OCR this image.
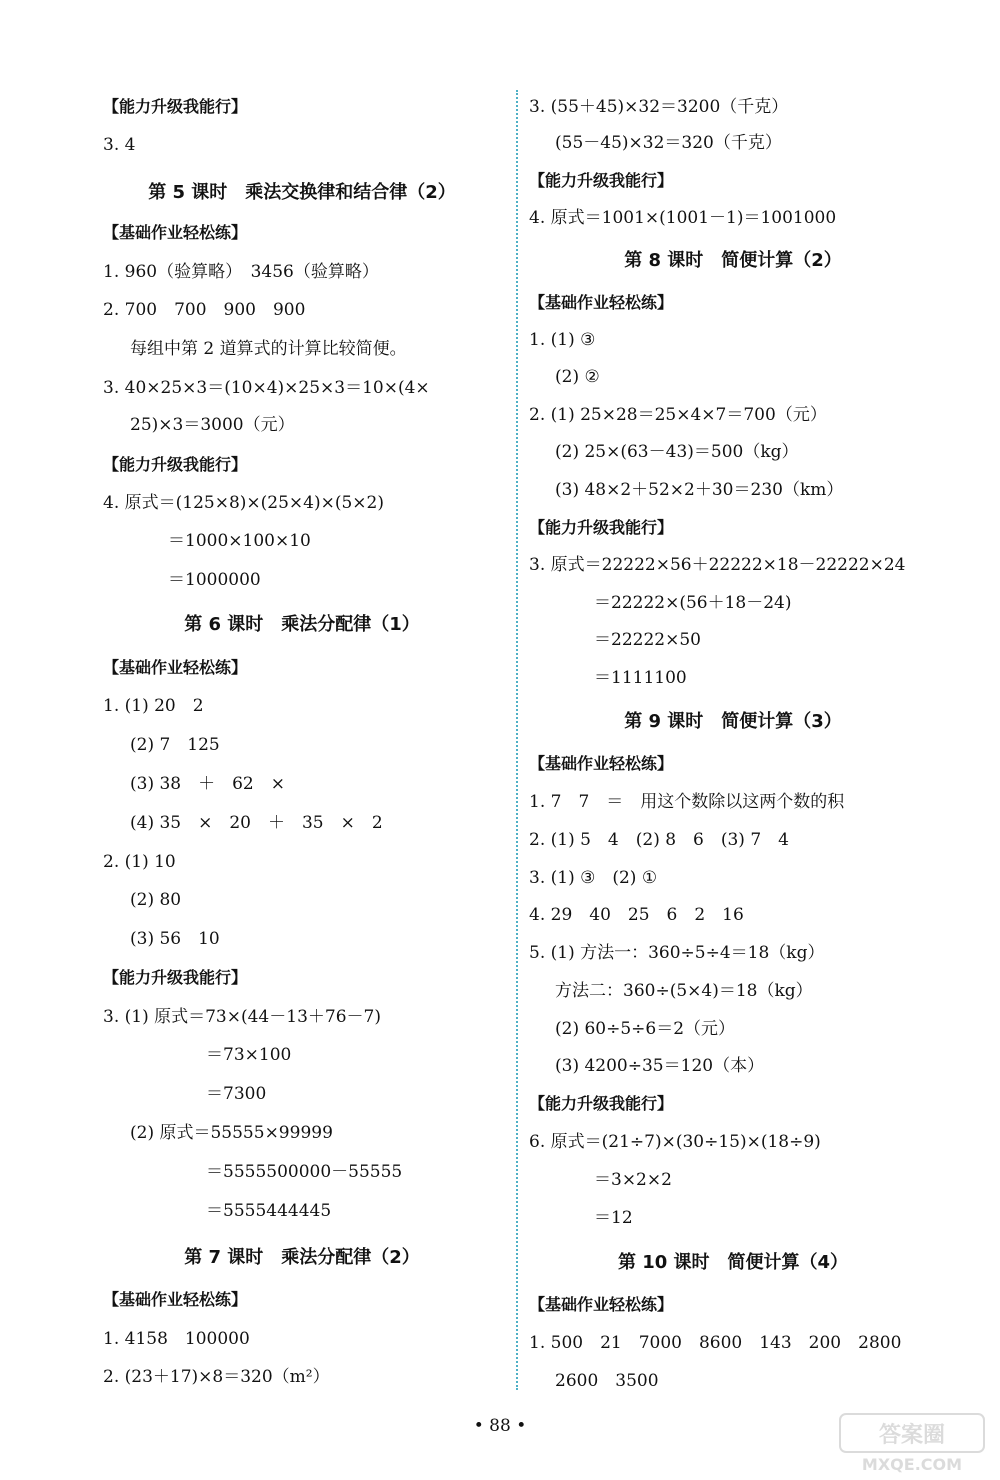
【能力升级我能行】
3. 4
第 5 课时　乘法交换律和结合律（2）
【基础作业轻松练】
1. 960（验算略）　3456（验算略）
2. 700　700　900　900
每组中第 2 道算式的计算比较简便。
3. 40×25×3＝(10×4)×25×3＝10×(4×
25)×3＝3000（元）
【能力升级我能行】
4. 原式＝(125×8)×(25×4)×(5×2)
＝1000×100×10
＝1000000
第 6 课时　乘法分配律（1）
【基础作业轻松练】
1. (1) 20　2
(2) 7　125
(3) 38　＋　62　×
(4) 35　×　20　＋　35　×　2
2. (1) 10
(2) 80
(3) 56　10
【能力升级我能行】
3. (1) 原式＝73×(44－13＋76－7)
＝73×100
＝7300
(2) 原式＝55555×99999
＝5555500000－55555
＝5555444445
第 7 课时　乘法分配律（2）
【基础作业轻松练】
1. 4158　100000
2. (23＋17)×8＝320（m²）
3. (55＋45)×32＝3200（千克）
(55－45)×32＝320（千克）
【能力升级我能行】
4. 原式＝1001×(1001－1)＝1001000
第 8 课时　简便计算（2）
【基础作业轻松练】
1. (1) ③
(2) ②
2. (1) 25×28＝25×4×7＝700（元）
(2) 25×(63－43)＝500（kg）
(3) 48×2＋52×2＋30＝230（km）
【能力升级我能行】
3. 原式＝22222×56＋22222×18－22222×24
＝22222×(56＋18－24)
＝22222×50
＝1111100
第 9 课时　简便计算（3）
【基础作业轻松练】
1. 7　7　＝　用这个数除以这两个数的积
2. (1) 5　4　(2) 8　6　(3) 7　4
3. (1) ③　(2) ①
4. 29　40　25　6　2　16
5. (1) 方法一：360÷5÷4＝18（kg）
方法二：360÷(5×4)＝18（kg）
(2) 60÷5÷6＝2（元）
(3) 4200÷35＝120（本）
【能力升级我能行】
6. 原式＝(21÷7)×(30÷15)×(18÷9)
＝3×2×2
＝12
第 10 课时　简便计算（4）
【基础作业轻松练】
1. 500　21　7000　8600　143　200　2800
2600　3500
• 88 •	答案圈
MXQE.COM
